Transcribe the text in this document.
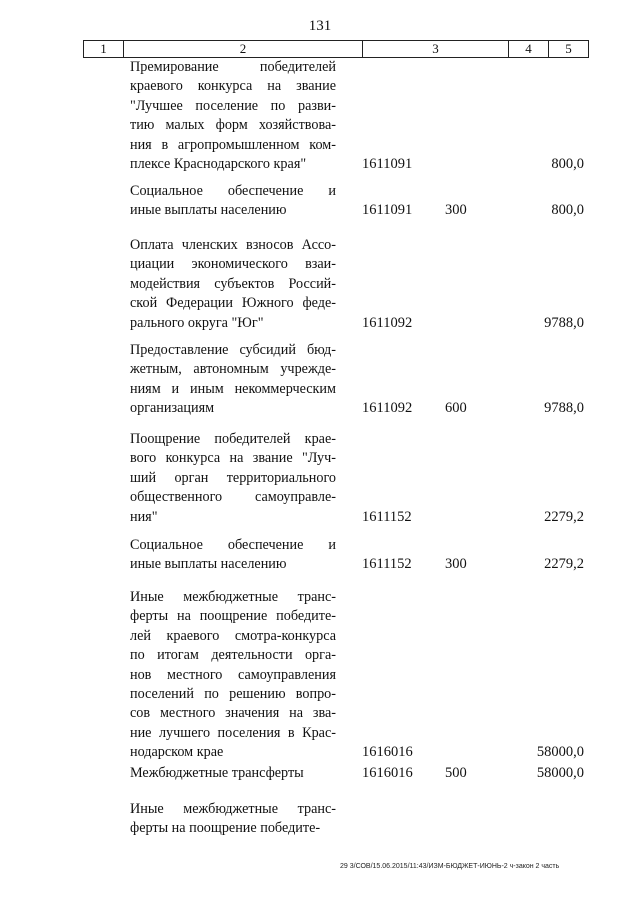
131
1	2	3	4	5
Премирование победителей
краевого конкурса на звание
"Лучшее поселение по разви-
тию малых форм хозяйствова-
ния в агропромышленном ком-
плексе Краснодарского края"	1611091	800,0
Социальное обеспечение и
иные выплаты населению	1611091 300	800,0
Оплата членских взносов Ассо-
циации экономического взаи-
модействия субъектов Россий-
ской Федерации Южного феде-
рального округа "Юг"	1611092	9788,0
Предоставление субсидий бюд-
жетным, автономным учрежде-
ниям и иным некоммерческим
организациям	1611092 600	9788,0
Поощрение победителей крае-
вого конкурса на звание "Луч-
ший орган территориального
общественного самоуправле-
ния"	1611152	2279,2
Социальное обеспечение и
иные выплаты населению	1611152 300	2279,2
Иные межбюджетные транс-
ферты на поощрение победите-
лей краевого смотра-конкурса
по итогам деятельности орга-
нов местного самоуправления
поселений по решению вопро-
сов местного значения на зва-
ние лучшего поселения в Крас-
нодарском крае	1616016	58000,0
Межбюджетные трансферты	1616016 500	58000,0
Иные межбюджетные транс-
ферты на поощрение победите-
29 3/СОВ/15.06.2015/11:43/ИЗМ-БЮДЖЕТ-ИЮНЬ-2 ч-закон 2 часть
